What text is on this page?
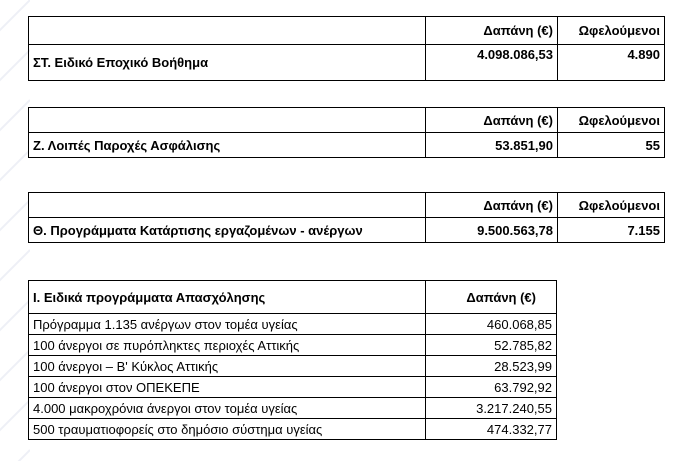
	Δαπάνη (€)	Ωφελούμενοι
ΣΤ. Ειδικό Εποχικό Βοήθημα	4.098.086,53	4.890
	Δαπάνη (€)	Ωφελούμενοι
Ζ. Λοιπές Παροχές Ασφάλισης	53.851,90	55
	Δαπάνη (€)	Ωφελούμενοι
Θ. Προγράμματα Κατάρτισης εργαζομένων - ανέργων	9.500.563,78	7.155
Ι. Ειδικά προγράμματα Απασχόλησης	Δαπάνη (€)
Πρόγραμμα 1.135 ανέργων στον τομέα υγείας	460.068,85
100 άνεργοι σε πυρόπληκτες περιοχές Αττικής	52.785,82
100 άνεργοι – Β' Κύκλος Αττικής	28.523,99
100 άνεργοι στον ΟΠΕΚΕΠΕ	63.792,92
4.000 μακροχρόνια άνεργοι στον τομέα υγείας	3.217.240,55
500 τραυματιοφορείς στο δημόσιο σύστημα υγείας	474.332,77
